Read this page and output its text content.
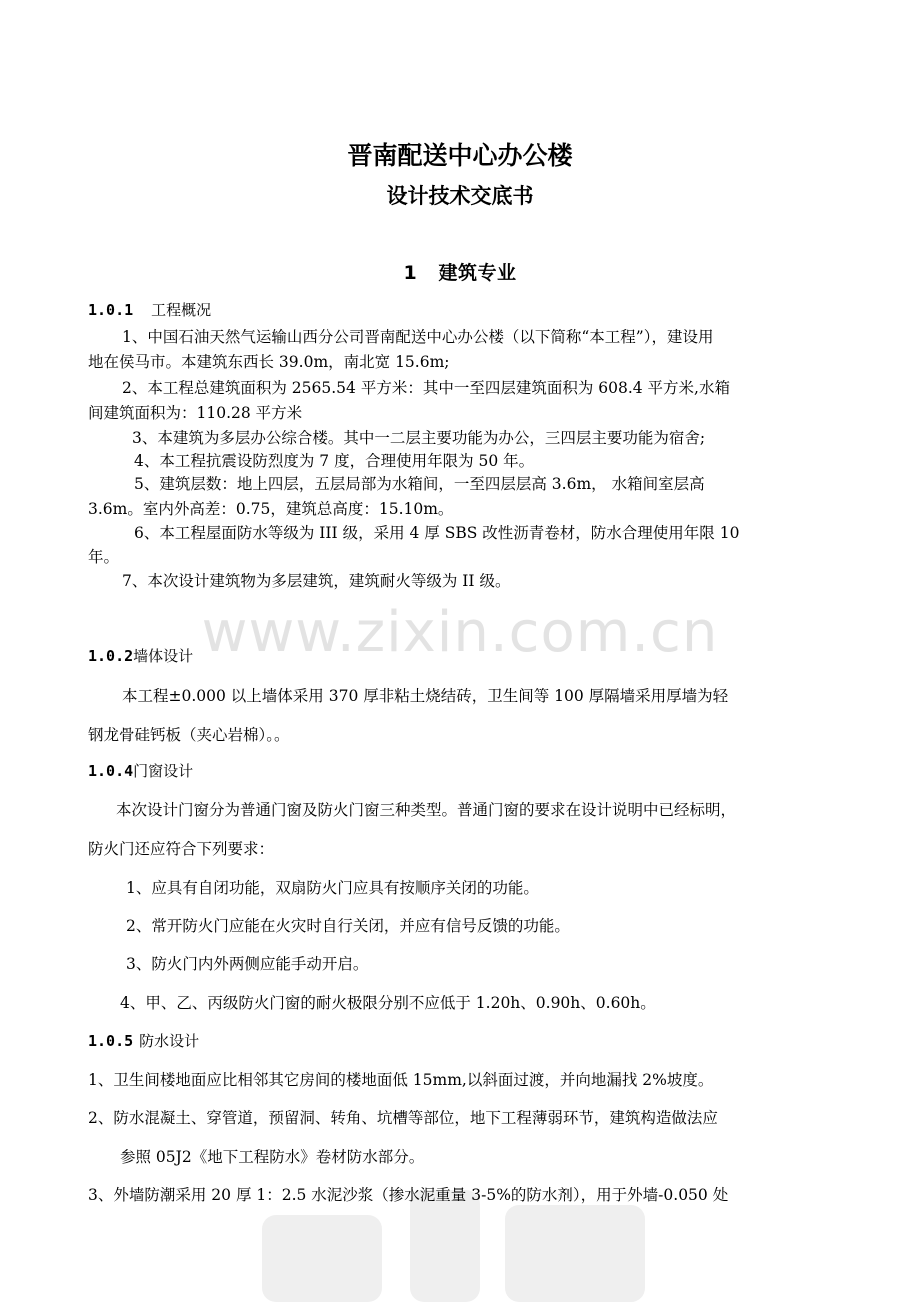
www.zixin.com.cn
晋南配送中心办公楼
设计技术交底书
1   建筑专业
1.0.1 工程概况
1、中国石油天然气运输山西分公司晋南配送中心办公楼（以下简称“本工程”），建设用
地在侯马市。本建筑东西长 39.0m，南北宽 15.6m;
2、本工程总建筑面积为 2565.54 平方米：其中一至四层建筑面积为 608.4 平方米,水箱
间建筑面积为：110.28 平方米
3、本建筑为多层办公综合楼。其中一二层主要功能为办公，三四层主要功能为宿舍;
4、本工程抗震设防烈度为 7 度，合理使用年限为 50 年。
5、建筑层数：地上四层，五层局部为水箱间，一至四层层高 3.6m， 水箱间室层高
3.6m。室内外高差：0.75，建筑总高度：15.10m。
6、本工程屋面防水等级为 III 级，采用 4 厚 SBS 改性沥青卷材，防水合理使用年限 10
年。
7、本次设计建筑物为多层建筑，建筑耐火等级为 II 级。
1.0.2墙体设计
本工程±0.000 以上墙体采用 370 厚非粘土烧结砖，卫生间等 100 厚隔墙采用厚墙为轻
钢龙骨硅钙板（夹心岩棉）。。
1.0.4门窗设计
本次设计门窗分为普通门窗及防火门窗三种类型。普通门窗的要求在设计说明中已经标明，
防火门还应符合下列要求：
1、应具有自闭功能，双扇防火门应具有按顺序关闭的功能。
2、常开防火门应能在火灾时自行关闭，并应有信号反馈的功能。
3、防火门内外两侧应能手动开启。
4、甲、乙、丙级防火门窗的耐火极限分别不应低于 1.20h、0.90h、0.60h。
1.0.5 防水设计
1、卫生间楼地面应比相邻其它房间的楼地面低 15mm,以斜面过渡，并向地漏找 2%坡度。
2、防水混凝土、穿管道，预留洞、转角、坑槽等部位，地下工程薄弱环节，建筑构造做法应
参照 05J2《地下工程防水》卷材防水部分。
3、外墙防潮采用 20 厚 1：2.5 水泥沙浆（掺水泥重量 3-5%的防水剂），用于外墙-0.050 处
